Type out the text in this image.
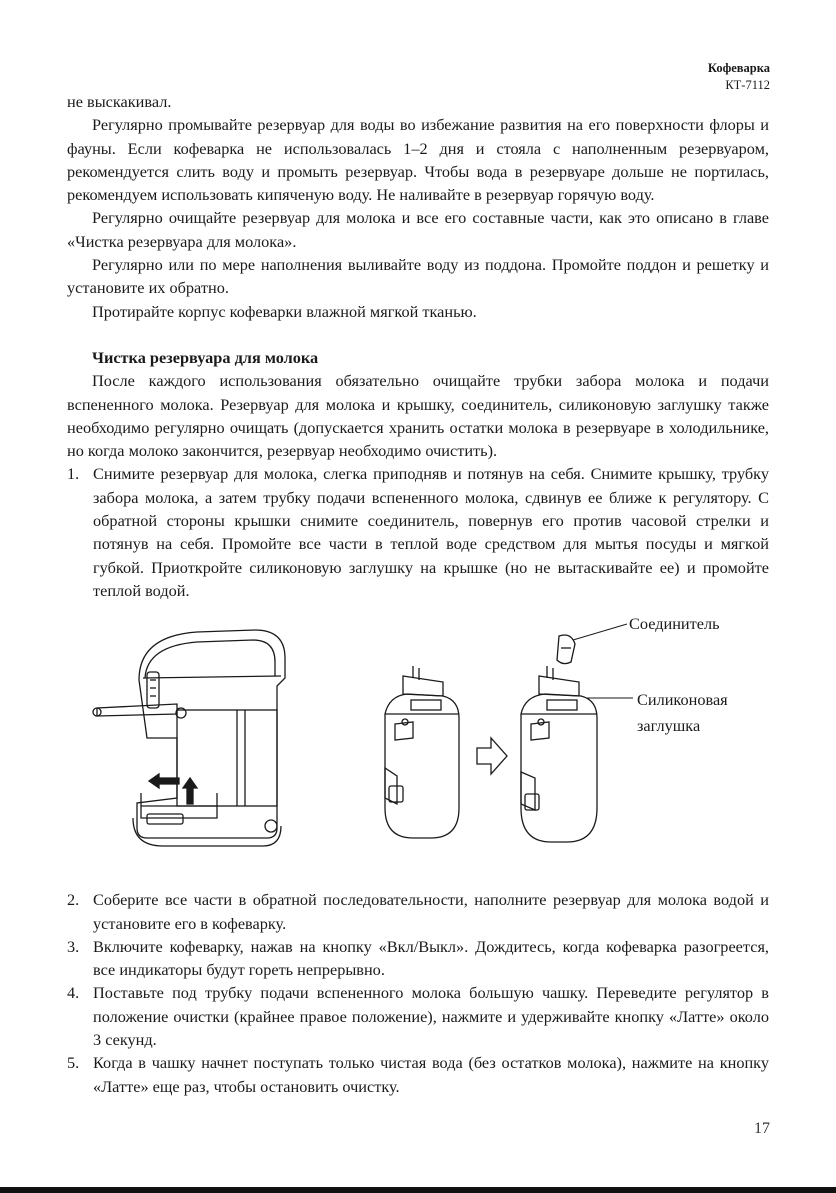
Кофеварка
КТ-7112

не выскакивал.

Регулярно промывайте резервуар для воды во избежание развития на его поверхности флоры и фауны. Если кофеварка не использовалась 1–2 дня и стояла с наполненным резервуаром, рекомендуется слить воду и промыть резервуар. Чтобы вода в резервуаре дольше не портилась, рекомендуем использовать кипяченую воду. Не наливайте в резервуар горячую воду.

Регулярно очищайте резервуар для молока и все его составные части, как это описано в главе «Чистка резервуара для молока».

Регулярно или по мере наполнения выливайте воду из поддона. Промойте поддон и решетку и установите их обратно.

Протирайте корпус кофеварки влажной мягкой тканью.

Чистка резервуара для молока

После каждого использования обязательно очищайте трубки забора молока и подачи вспененного молока. Резервуар для молока и крышку, соединитель, силиконовую заглушку также необходимо регулярно очищать (допускается хранить остатки молока в резервуаре в холодильнике, но когда молоко закончится, резервуар необходимо очистить).

1. Снимите резервуар для молока, слегка приподняв и потянув на себя. Снимите крышку, трубку забора молока, а затем трубку подачи вспененного молока, сдвинув ее ближе к регулятору. С обратной стороны крышки снимите соединитель, повернув его против часовой стрелки и потянув на себя. Промойте все части в теплой воде средством для мытья посуды и мягкой губкой. Приоткройте силиконовую заглушку на крышке (но не вытаскивайте ее) и промойте теплой водой.
Соединитель
Силиконовая
заглушка
2. Соберите все части в обратной последовательности, наполните резервуар для молока водой и установите его в кофеварку.
3. Включите кофеварку, нажав на кнопку «Вкл/Выкл». Дождитесь, когда кофеварка разогреется, все индикаторы будут гореть непрерывно.
4. Поставьте под трубку подачи вспененного молока большую чашку. Переведите регулятор в положение очистки (крайнее правое положение), нажмите и удерживайте кнопку «Латте» около 3 секунд.
5. Когда в чашку начнет поступать только чистая вода (без остатков молока), нажмите на кнопку «Латте» еще раз, чтобы остановить очистку.
17
